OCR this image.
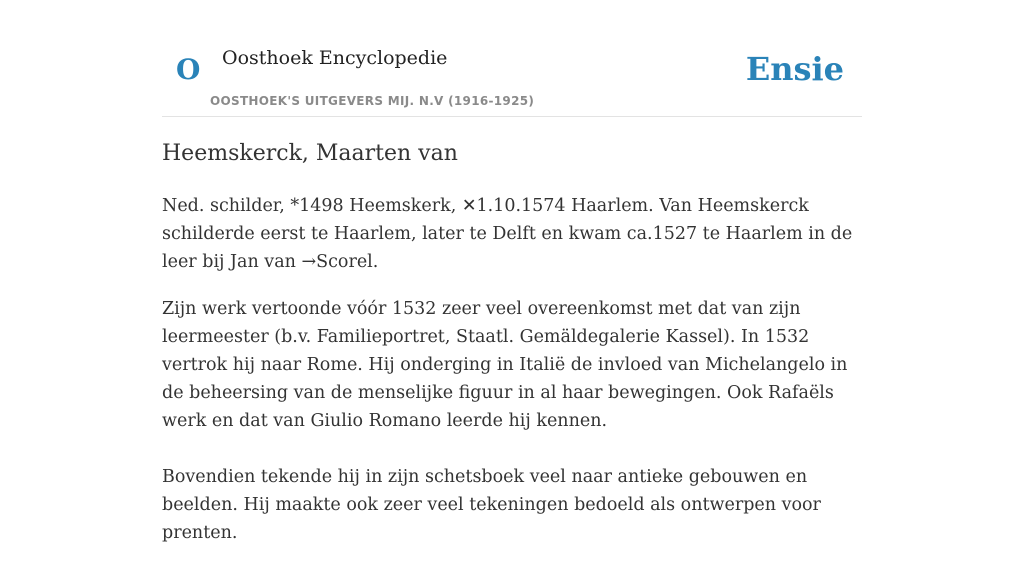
O Oosthoek Encyclopedie
OOSTHOEK'S UITGEVERS MIJ. N.V (1916-1925)
Ensie
Heemskerck, Maarten van

Ned. schilder, *1498 Heemskerk, ✕1.10.1574 Haarlem. Van Heemskerck schilderde eerst te Haarlem, later te Delft en kwam ca.1527 te Haarlem in de leer bij Jan van →Scorel.

Zijn werk vertoonde vóór 1532 zeer veel overeenkomst met dat van zijn leermeester (b.v. Familieportret, Staatl. Gemäldegalerie Kassel). In 1532 vertrok hij naar Rome. Hij onderging in Italië de invloed van Michelangelo in de beheersing van de menselijke figuur in al haar bewegingen. Ook Rafaëls werk en dat van Giulio Romano leerde hij kennen.

Bovendien tekende hij in zijn schetsboek veel naar antieke gebouwen en beelden. Hij maakte ook zeer veel tekeningen bedoeld als ontwerpen voor prenten.
